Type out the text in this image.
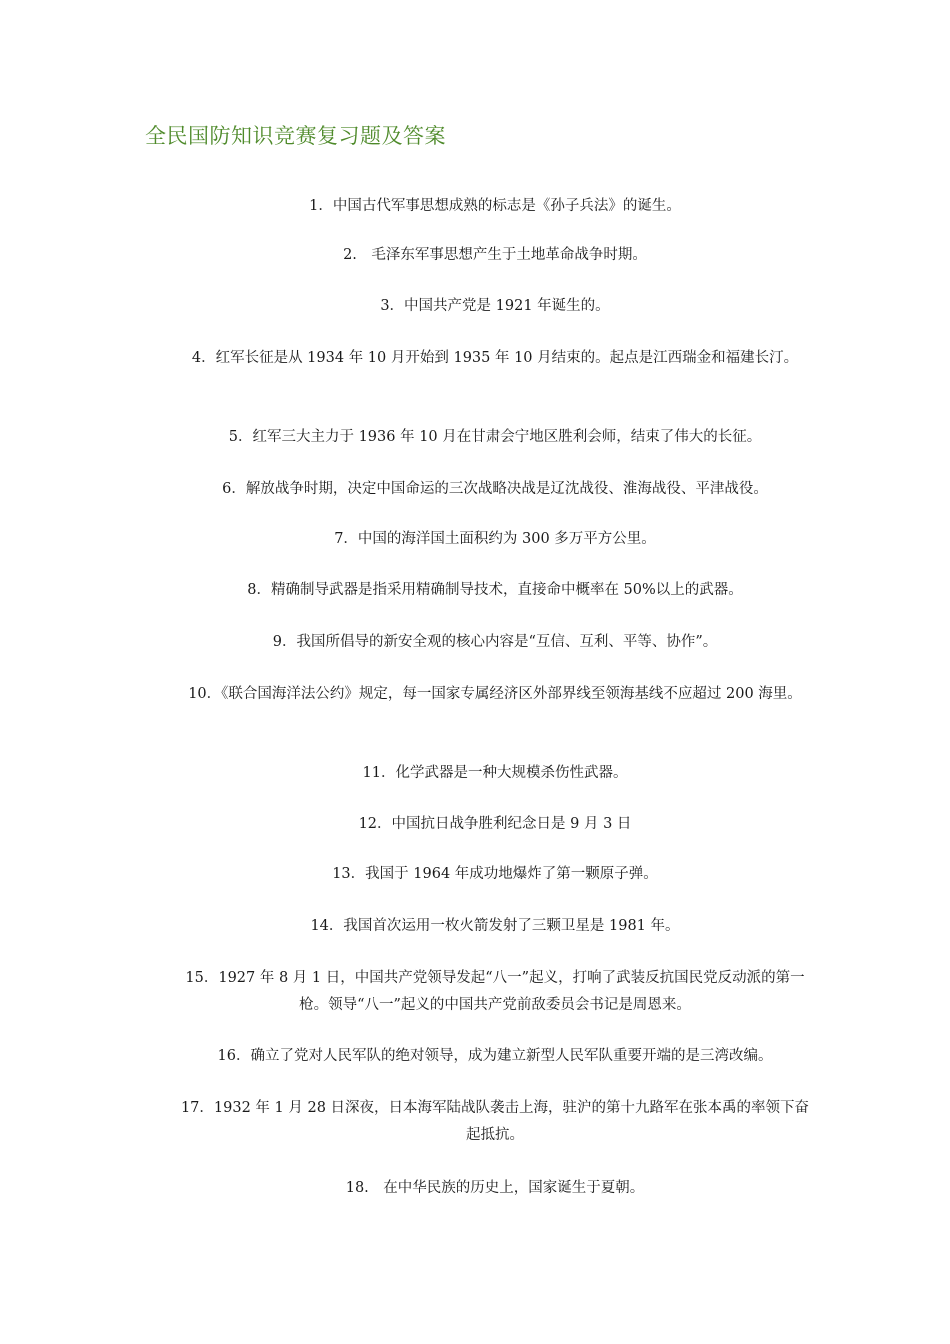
全民国防知识竞赛复习题及答案
1．中国古代军事思想成熟的标志是《孙子兵法》的诞生。
2.　毛泽东军事思想产生于土地革命战争时期。
3．中国共产党是 1921 年诞生的。
4．红军长征是从 1934 年 10 月开始到 1935 年 10 月结束的。起点是江西瑞金和福建长汀。
5．红军三大主力于 1936 年 10 月在甘肃会宁地区胜利会师，结束了伟大的长征。
6．解放战争时期，决定中国命运的三次战略决战是辽沈战役、淮海战役、平津战役。
7．中国的海洋国土面积约为 300 多万平方公里。
8．精确制导武器是指采用精确制导技术，直接命中概率在 50%以上的武器。
9．我国所倡导的新安全观的核心内容是“互信、互利、平等、协作”。
10．《联合国海洋法公约》规定，每一国家专属经济区外部界线至领海基线不应超过 200 海里。
11．化学武器是一种大规模杀伤性武器。
12．中国抗日战争胜利纪念日是 9 月 3 日
13．我国于 1964 年成功地爆炸了第一颗原子弹。
14．我国首次运用一枚火箭发射了三颗卫星是 1981 年。
15．1927 年 8 月 1 日，中国共产党领导发起“八一”起义，打响了武装反抗国民党反动派的第一枪。领导“八一”起义的中国共产党前敌委员会书记是周恩来。
16．确立了党对人民军队的绝对领导，成为建立新型人民军队重要开端的是三湾改编。
17．1932 年 1 月 28 日深夜，日本海军陆战队袭击上海，驻沪的第十九路军在张本禹的率领下奋起抵抗。
18.　在中华民族的历史上，国家诞生于夏朝。
